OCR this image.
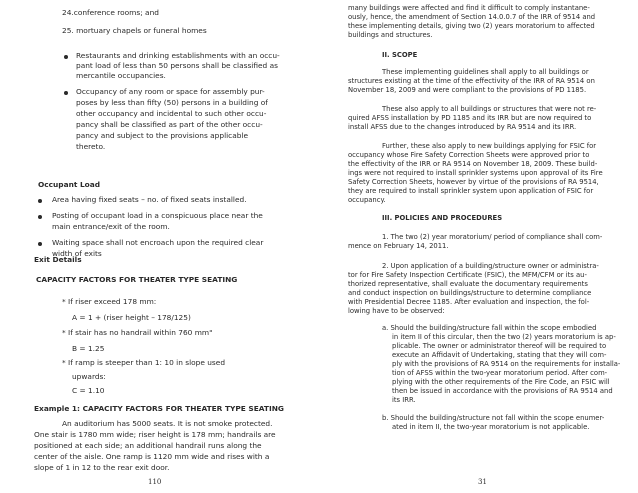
24.conference rooms; and

25. mortuary chapels or funeral homes

Restaurants and drinking establishments with an occu-

pant load of less than 50 persons shall be classified as

mercantile occupancies.

Occupancy of any room or space for assembly pur-

poses by less than fifty (50) persons in a building of

other occupancy and incidental to such other occu-

pancy shall be classified as part of the other occu-

pancy and subject to the provisions applicable

thereto.

Occupant Load

Area having fixed seats – no. of fixed seats installed.

Posting of occupant load in a conspicuous place near the

main entrance/exit of the room.

Waiting space shall not encroach upon the required clear

width of exits

Exit Details

CAPACITY FACTORS FOR THEATER TYPE SEATING

* If riser exceed 178 mm:

A = 1 + (riser height – 178/125)

* If stair has no handrail within 760 mm"

B = 1.25

* If ramp is steeper than 1: 10 in slope used

upwards:

C = 1.10

Example 1: CAPACITY FACTORS FOR THEATER TYPE SEATING

An auditorium has 5000 seats. It is not smoke protected.

One stair is 1780 mm wide; riser height is 178 mm; handrails are

positioned at each side; an additional handrail runs along the

center of the aisle. One ramp is 1120 mm wide and rises with a

slope of 1 in 12 to the rear exit door.

110

many buildings were affected and find it difficult to comply instantane-

ously, hence, the amendment of Section 14.0.0.7 of the IRR of 9514 and

these implementing details, giving two (2) years moratorium to affected

buildings and structures.

II. SCOPE

These implementing guidelines shall apply to all buildings or

structures existing at the time of the effectivity of the IRR of RA 9514 on

November 18, 2009 and were compliant to the provisions of PD 1185.

These also apply to all buildings or structures that were not re-

quired AFSS installation by PD 1185 and its IRR but are now required to

install AFSS due to the changes introduced by RA 9514 and its IRR.

Further, these also apply to new buildings applying for FSIC for

occupancy whose Fire Safety Correction Sheets were approved prior to

the effectivity of the IRR or RA 9514 on November 18, 2009. These build-

ings were not required to install sprinkler systems upon approval of its Fire

Safety Correction Sheets, however by virtue of the provisions of RA 9514,

they are required to install sprinkler system upon application of FSIC for

occupancy.

III. POLICIES AND PROCEDURES

1. The two (2) year moratorium/ period of compliance shall com-

mence on February 14, 2011.

2. Upon application of a building/structure owner or administra-

tor for Fire Safety Inspection Certificate (FSIC), the MFM/CFM or its au-

thorized representative, shall evaluate the documentary requirements

and conduct inspection on buildings/structure to determine compliance

with Presidential Decree 1185. After evaluation and inspection, the fol-

lowing have to be observed:

a. Should the building/structure fall within the scope embodied

in item II of this circular, then the two (2) years moratorium is ap-

plicable. The owner or administrator thereof will be required to

execute an Affidavit of Undertaking, stating that they will com-

ply with the provisions of RA 9514 on the requirements for installa-

tion of AFSS within the two-year moratorium period. After com-

plying with the other requirements of the Fire Code, an FSIC will

then be issued in accordance with the provisions of RA 9514 and

its IRR.

b. Should the building/structure not fall within the scope enumer-

ated in item II, the two-year moratorium is not applicable.

31
